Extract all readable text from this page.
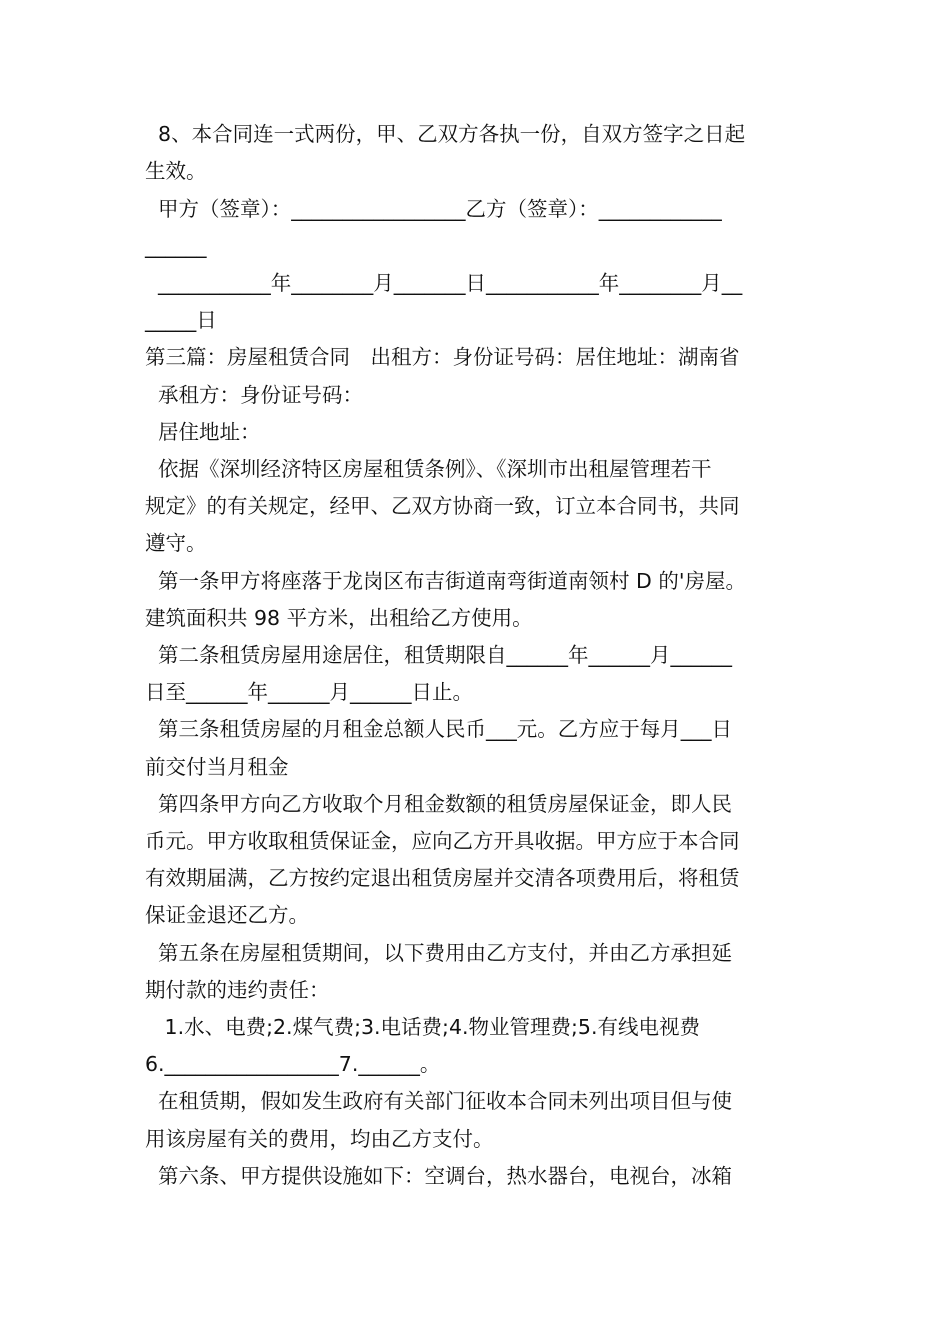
8、本合同连一式两份，甲、乙双方各执一份，自双方签字之日起
生效。
甲方（签章）：_________________乙方（签章）：____________
______
___________年________月_______日___________年________月__
_____日
第三篇：房屋租赁合同　出租方：身份证号码：居住地址：湖南省
承租方：身份证号码：
居住地址：
依据《深圳经济特区房屋租赁条例》、《深圳市出租屋管理若干
规定》的有关规定，经甲、乙双方协商一致，订立本合同书，共同
遵守。
第一条甲方将座落于龙岗区布吉街道南弯街道南领村 D 的'房屋。
建筑面积共 98 平方米，出租给乙方使用。
第二条租赁房屋用途居住，租赁期限自______年______月______
日至______年______月______日止。
第三条租赁房屋的月租金总额人民币___元。乙方应于每月___日
前交付当月租金
第四条甲方向乙方收取个月租金数额的租赁房屋保证金，即人民
币元。甲方收取租赁保证金，应向乙方开具收据。甲方应于本合同
有效期届满，乙方按约定退出租赁房屋并交清各项费用后，将租赁
保证金退还乙方。
第五条在房屋租赁期间，以下费用由乙方支付，并由乙方承担延
期付款的违约责任：
1.水、电费;2.煤气费;3.电话费;4.物业管理费;5.有线电视费
6._________________7.______。
在租赁期，假如发生政府有关部门征收本合同未列出项目但与使
用该房屋有关的费用，均由乙方支付。
第六条、甲方提供设施如下：空调台，热水器台，电视台，冰箱
